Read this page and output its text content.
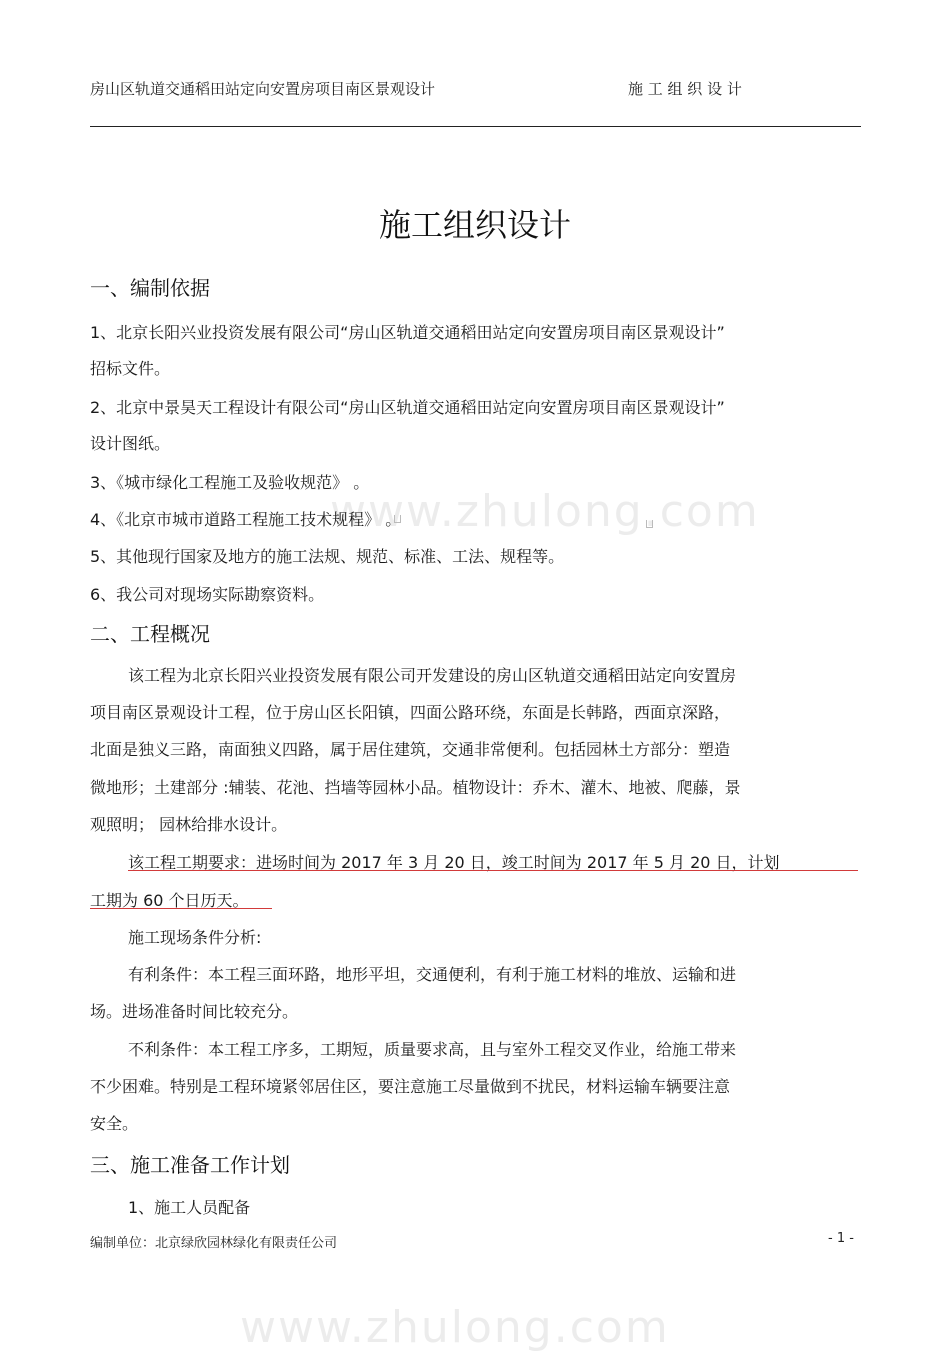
www.zhulong.com
www.zhulong.com
房山区轨道交通稻田站定向安置房项目南区景观设计	施 工 组 织 设 计
施工组织设计
一、编制依据
1、北京长阳兴业投资发展有限公司“房山区轨道交通稻田站定向安置房项目南区景观设计”
招标文件。
2、北京中景昊天工程设计有限公司“房山区轨道交通稻田站定向安置房项目南区景观设计”
设计图纸。
3、《城市绿化工程施工及验收规范》 。
4、《北京市城市道路工程施工技术规程》 。
5、其他现行国家及地方的施工法规、规范、标准、工法、规程等。
6、我公司对现场实际勘察资料。
二、工程概况
该工程为北京长阳兴业投资发展有限公司开发建设的房山区轨道交通稻田站定向安置房
项目南区景观设计工程，位于房山区长阳镇，四面公路环绕，东面是长韩路，西面京深路，
北面是独义三路，南面独义四路，属于居住建筑，交通非常便利。包括园林土方部分：塑造
微地形；土建部分 :辅装、花池、挡墙等园林小品。植物设计：乔木、灌木、地被、爬藤，景
观照明； 园林给排水设计。
该工程工期要求：进场时间为 2017 年 3 月 20 日，竣工时间为 2017 年 5 月 20 日，计划
工期为 60 个日历天。
施工现场条件分析:
有利条件：本工程三面环路，地形平坦，交通便利，有利于施工材料的堆放、运输和进
场。进场准备时间比较充分。
不利条件：本工程工序多，工期短，质量要求高，且与室外工程交叉作业，给施工带来
不少困难。特别是工程环境紧邻居住区，要注意施工尽量做到不扰民，材料运输车辆要注意
安全。
三、施工准备工作计划
1、施工人员配备
编制单位：北京绿欣园林绿化有限责任公司	- 1 -
